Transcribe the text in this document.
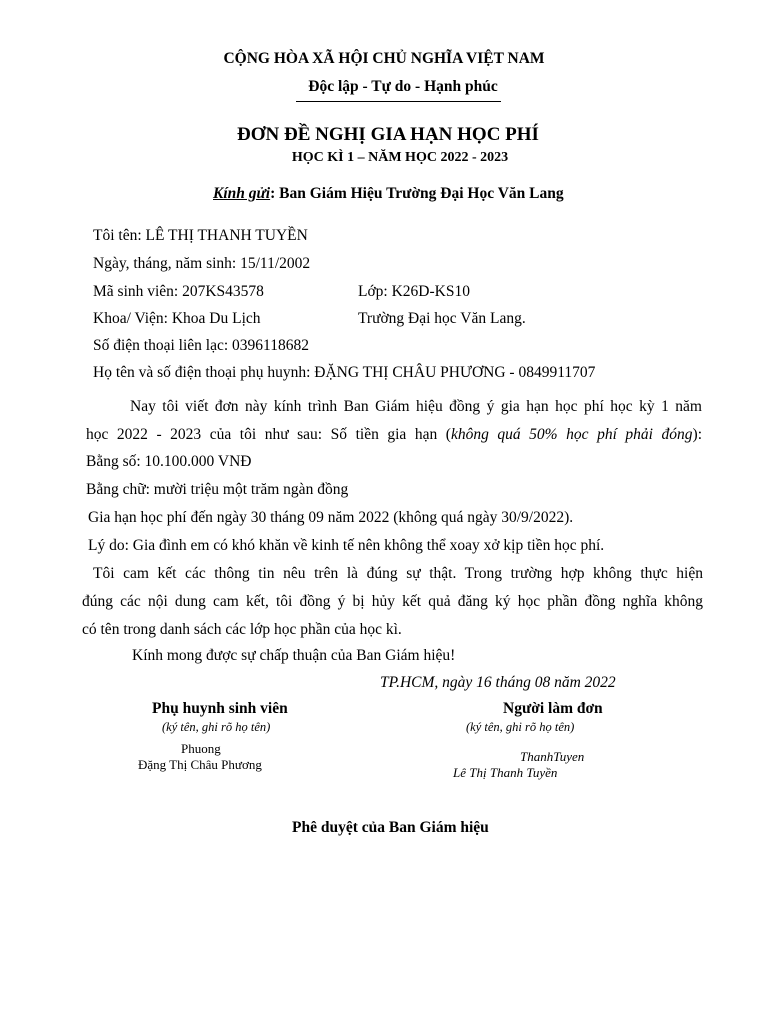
CỘNG HÒA XÃ HỘI CHỦ NGHĨA VIỆT NAM
Độc lập - Tự do - Hạnh phúc
ĐƠN ĐỀ NGHỊ GIA HẠN HỌC PHÍ
HỌC KÌ 1 – NĂM HỌC 2022 - 2023
Kính gửi: Ban Giám Hiệu Trường Đại Học Văn Lang
Tôi tên: LÊ THỊ THANH TUYỀN
Ngày, tháng, năm sinh: 15/11/2002
Mã sinh viên: 207KS43578	Lớp: K26D-KS10
Khoa/ Viện: Khoa Du Lịch	Trường Đại học Văn Lang.
Số điện thoại liên lạc: 0396118682
Họ tên và số điện thoại phụ huynh: ĐẶNG THỊ CHÂU PHƯƠNG - 0849911707
Nay tôi viết đơn này kính trình Ban Giám hiệu đồng ý gia hạn học phí học kỳ 1 năm
học 2022 - 2023 của tôi như sau: Số tiền gia hạn (không quá 50% học phí phải đóng):
Bằng số: 10.100.000 VNĐ
Bằng chữ: mười triệu một trăm ngàn đồng
Gia hạn học phí đến ngày 30 tháng 09 năm 2022 (không quá ngày 30/9/2022).
Lý do: Gia đình em có khó khăn về kinh tế nên không thể xoay xở kịp tiền học phí.
Tôi cam kết các thông tin nêu trên là đúng sự thật. Trong trường hợp không thực hiện
đúng các nội dung cam kết, tôi đồng ý bị hủy kết quả đăng ký học phần đồng nghĩa không
có tên trong danh sách các lớp học phần của học kì.
Kính mong được sự chấp thuận của Ban Giám hiệu!
TP.HCM, ngày 16 tháng 08 năm 2022
Phụ huynh sinh viên
(ký tên, ghi rõ họ tên)
Phuong
Đặng Thị Châu Phương
Người làm đơn
(ký tên, ghi rõ họ tên)
ThanhTuyen
Lê Thị Thanh Tuyền
Phê duyệt của Ban Giám hiệu
